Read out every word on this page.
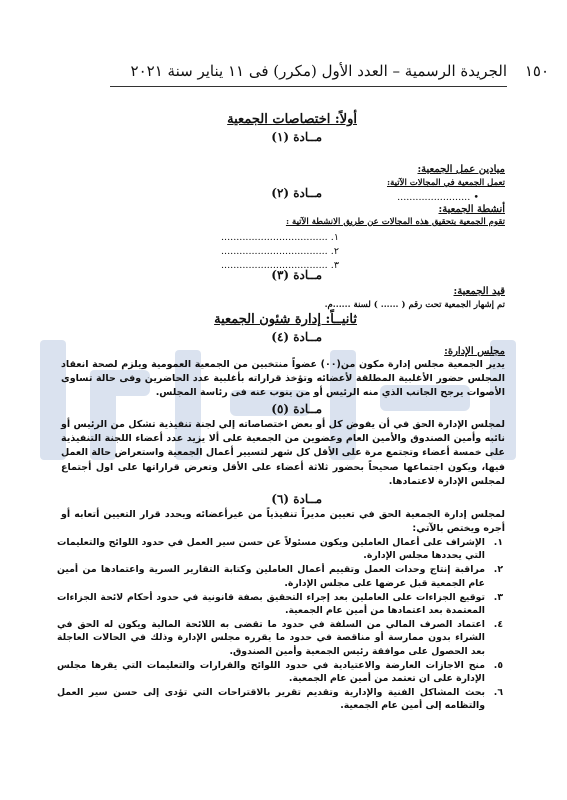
١٥٠
الجريدة الرسمية – العدد الأول (مكرر) فى ١١ يناير سنة ٢٠٢١
أولاً: اختصاصات الجمعية
مــادة (١)
ميادين عمل الجمعية:
تعمل الجمعية في المجالات الآتية:
• ........................
مــادة (٢)
أنشطة الجمعية:
تقوم الجمعية بتحقيق هذه المجالات عن طريق الانشطة الآتية :
١. ...................................
٢. ...................................
٣. ...................................
مــادة (٣)
قيد الجمعية:
تم إشهار الجمعية تحت رقم ( ...... ) لسنة ......م.
ثانيــاً: إدارة شئون الجمعية
مــادة (٤)
مجلس الإدارة:
يدير الجمعية مجلس إدارة مكون من(٠٠) عضواً منتخبين من الجمعية العمومية ويلزم لصحة انعقاد المجلس حضور الأغلبية المطلقة لأعضائه وتؤخذ قراراته بأغلبية عدد الحاضرين وفى حالة تساوى الأصوات يرجح الجانب الذي منه الرئيس أو من ينوب عنه فى رئاسة المجلس.
مــادة (٥)
لمجلس الإدارة الحق في أن يفوض كل أو بعض اختصاصاته إلي لجنة تنفيذية تشكل من الرئيس أو نائبه وأمين الصندوق والأمين العام وعضوين من الجمعية على ألا يزيد عدد أعضاء اللجنة التنفيذية على خمسة أعضاء وتجتمع مرة على الأقل كل شهر لتسيير أعمال الجمعية واستعراض حالة العمل فيها، ويكون اجتماعها صحيحاً بحضور ثلاثة أعضاء على الأقل وتعرض قراراتها على اول أجتماع لمجلس الإدارة لاعتمادها.
مــادة (٦)
لمجلس إدارة الجمعية الحق في تعيين مديراً تنفيذياً من غيرأعضائه ويحدد قرار التعيين أتعابه أو أجره ويختص بالآتي:
١.
الإشراف على أعمال العاملين ويكون مسئولاً عن حسن سير العمل في حدود اللوائح والتعليمات التي يحددها مجلس الإدارة.
٢.
مراقبة إنتاج وحدات العمل وتقييم أعمال العاملين وكتابة التقارير السرية واعتمادها من أمين عام الجمعية قبل عرضها على مجلس الإدارة.
٣.
توقيع الجزاءات على العاملين بعد إجراء التحقيق بصفة قانونية في حدود أحكام لائحة الجزاءات المعتمدة بعد اعتمادها من أمين عام الجمعية.
٤.
اعتماد الصرف المالي من السلفة في حدود ما تقضى به اللائحة المالية ويكون له الحق في الشراء بدون ممارسة أو مناقصة في حدود ما يقرره مجلس الإدارة وذلك في الحالات العاجلة بعد الحصول على موافقة رئيس الجمعية وأمين الصندوق.
٥.
منح الاجازات العارضة والاعتيادية في حدود اللوائح والقرارات والتعليمات التي يقرها مجلس الإدارة على ان تعتمد من أمين عام الجمعية.
٦.
بحث المشاكل الفنية والإدارية وتقديم تقرير بالاقتراحات التي تؤدى إلى حسن سير العمل والتظامه إلى أمين عام الجمعية.
